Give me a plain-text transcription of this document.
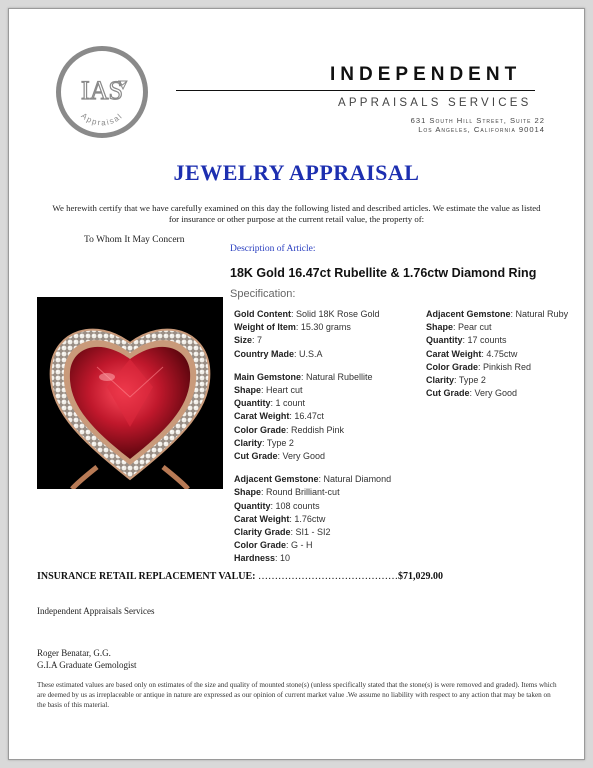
IAS
Appraisal
INDEPENDENT
APPRAISALS SERVICES
631 South Hill Street, Suite 22
Los Angeles, California 90014
JEWELRY APPRAISAL
We herewith certify that we have carefully examined on this day the following listed and described articles. We estimate the value as listed for insurance or other purpose at the current retail value, the property of:
To Whom It May Concern
Description of Article:
18K Gold 16.47ct Rubellite & 1.76ctw Diamond Ring
Specification:
Gold Content: Solid 18K Rose Gold
Weight of Item: 15.30 grams
Size: 7
Country Made: U.S.A
Main Gemstone: Natural Rubellite
Shape: Heart cut
Quantity: 1 count
Carat Weight: 16.47ct
Color Grade: Reddish Pink
Clarity: Type 2
Cut Grade: Very Good
Adjacent Gemstone: Natural Diamond
Shape: Round Brilliant-cut
Quantity: 108 counts
Carat Weight: 1.76ctw
Clarity Grade: SI1 - SI2
Color Grade: G - H
Hardness: 10
Adjacent Gemstone: Natural Ruby
Shape: Pear cut
Quantity: 17 counts
Carat Weight: 4.75ctw
Color Grade: Pinkish Red
Clarity: Type 2
Cut Grade: Very Good
INSURANCE RETAIL REPLACEMENT VALUE: ……………………………………$71,029.00
Independent Appraisals Services
Roger Benatar, G.G.
G.I.A Graduate Gemologist
These estimated values are based only on estimates of the size and quality of mounted stone(s) (unless specifically stated that the stone(s) is were removed and graded). Items which are deemed by us as irreplaceable or antique in nature are expressed as our opinion of current market value .We assume no liability with respect to any action that may be taken on the basis of this material.
